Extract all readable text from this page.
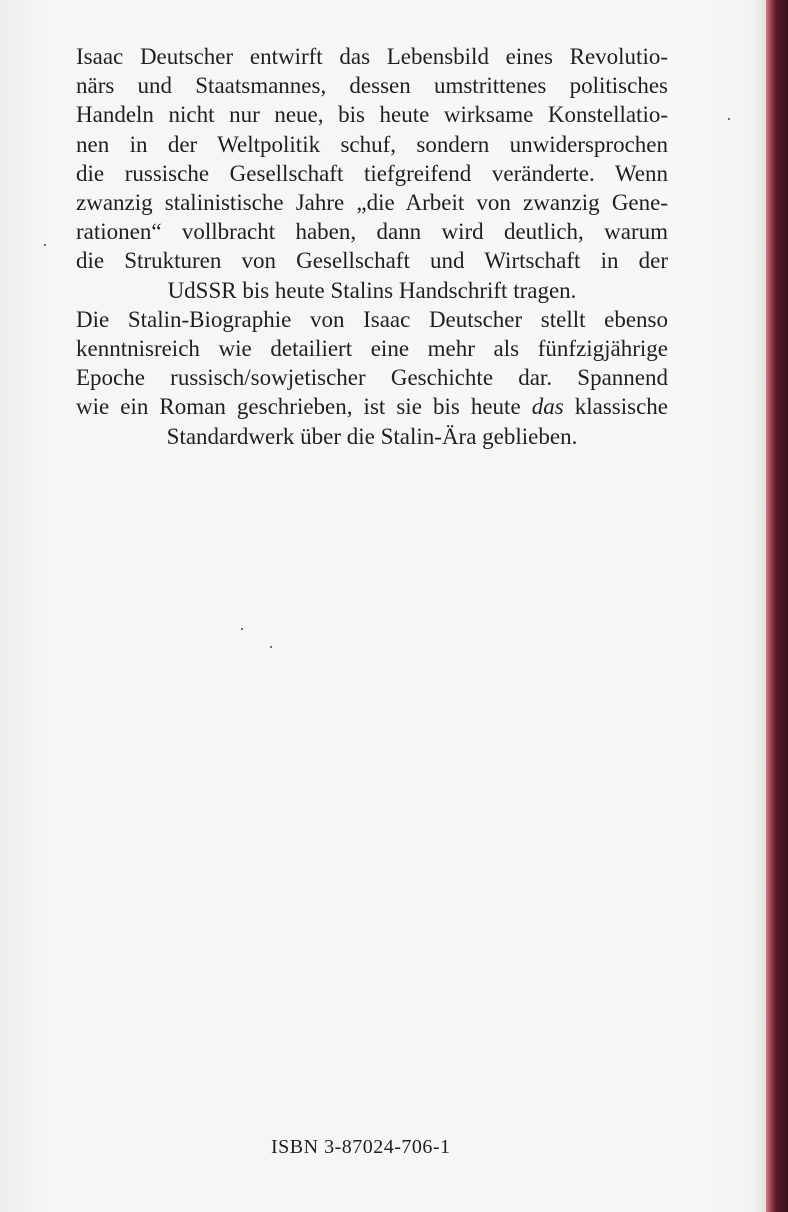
Isaac Deutscher entwirft das Lebensbild eines Revolutio-
närs und Staatsmannes, dessen umstrittenes politisches
Handeln nicht nur neue, bis heute wirksame Konstellatio-
nen in der Weltpolitik schuf, sondern unwidersprochen
die russische Gesellschaft tiefgreifend veränderte. Wenn
zwanzig stalinistische Jahre „die Arbeit von zwanzig Gene-
rationen“ vollbracht haben, dann wird deutlich, warum
die Strukturen von Gesellschaft und Wirtschaft in der
UdSSR bis heute Stalins Handschrift tragen.
Die Stalin-Biographie von Isaac Deutscher stellt ebenso
kenntnisreich wie detailiert eine mehr als fünfzigjährige
Epoche russisch/sowjetischer Geschichte dar. Spannend
wie ein Roman geschrieben, ist sie bis heute das klassische
Standardwerk über die Stalin-Ära geblieben.
ISBN 3-87024-706-1
